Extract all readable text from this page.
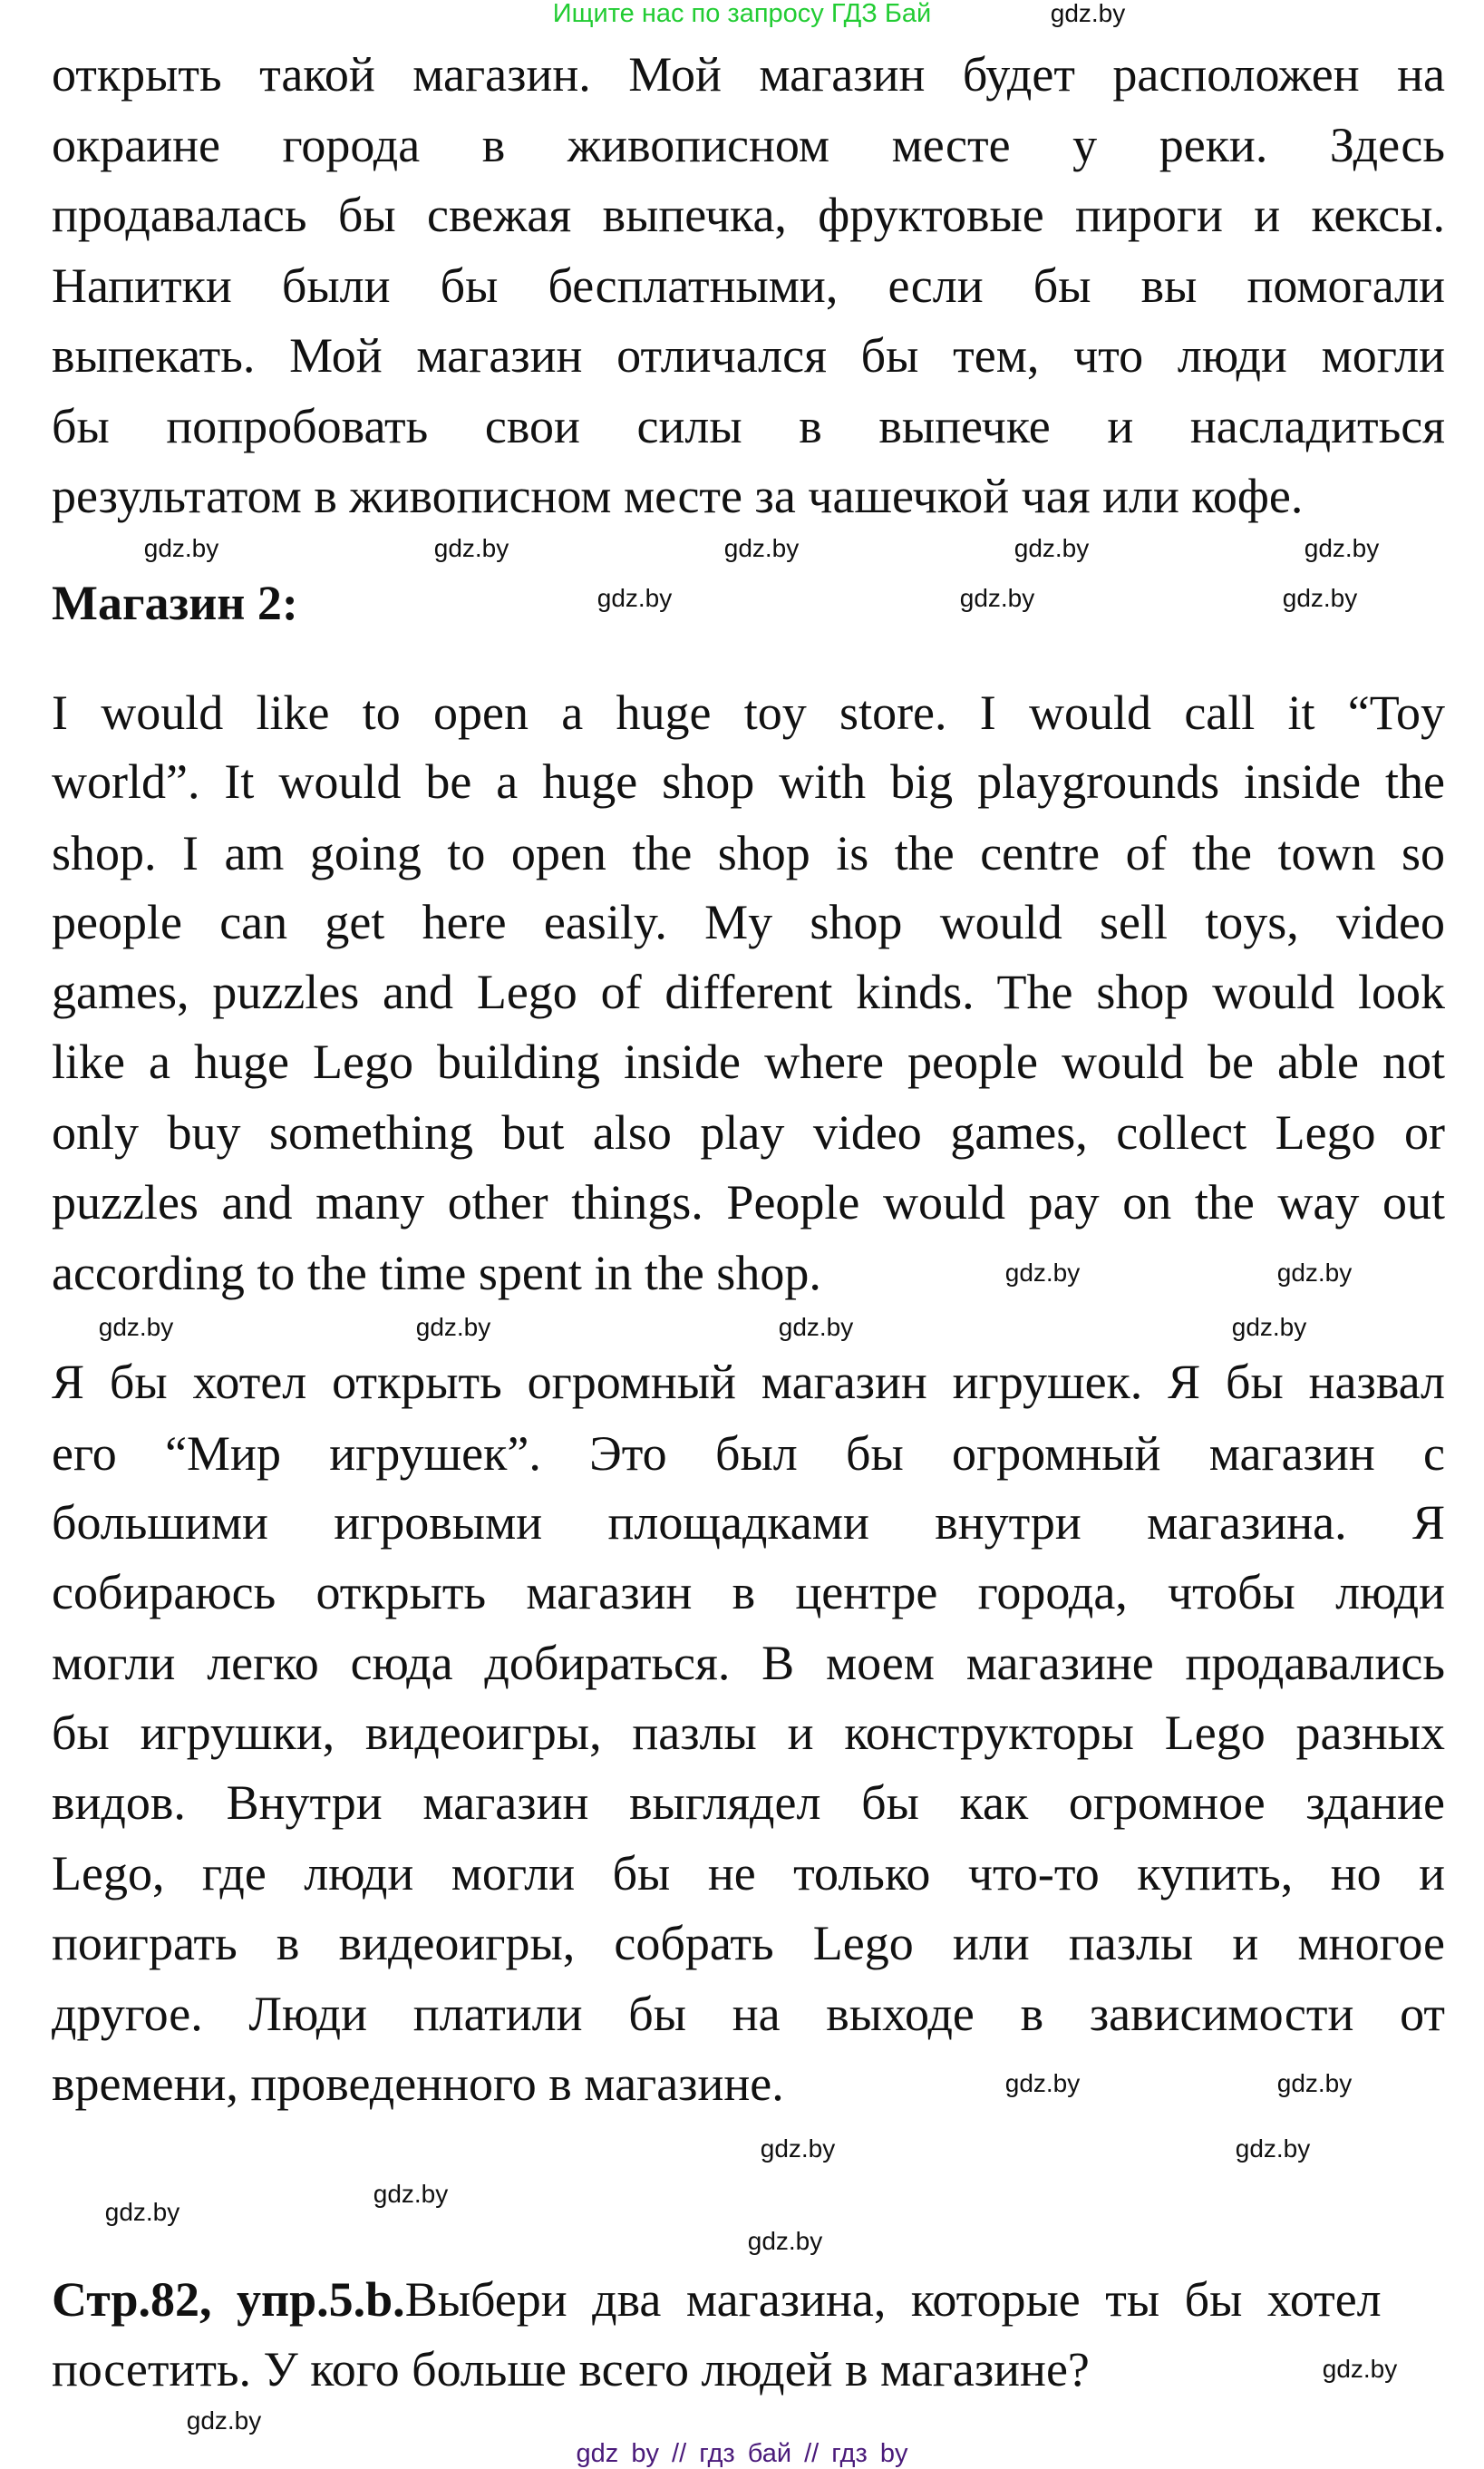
Ищите нас по запросу ГДЗ Бай
открыть такой магазин. Мой магазин будет расположен на
окраине города в живописном месте у реки. Здесь
продавалась бы свежая выпечка, фруктовые пироги и кексы.
Напитки были бы бесплатными, если бы вы помогали
выпекать. Мой магазин отличался бы тем, что люди могли
бы попробовать свои силы в выпечке и насладиться
результатом в живописном месте за чашечкой чая или кофе.
Магазин 2:
I would like to open a huge toy store. I would call it “Toy
world”. It would be a huge shop with big playgrounds inside the
shop. I am going to open the shop is the centre of the town so
people can get here easily. My shop would sell toys, video
games, puzzles and Lego of different kinds. The shop would look
like a huge Lego building inside where people would be able not
only buy something but also play video games, collect Lego or
puzzles and many other things. People would pay on the way out
according to the time spent in the shop.
Я бы хотел открыть огромный магазин игрушек. Я бы назвал
его “Мир игрушек”. Это был бы огромный магазин с
большими игровыми площадками внутри магазина. Я
собираюсь открыть магазин в центре города, чтобы люди
могли легко сюда добираться. В моем магазине продавались
бы игрушки, видеоигры, пазлы и конструкторы Lego разных
видов. Внутри магазин выглядел бы как огромное здание
Lego, где люди могли бы не только что-то купить, но и
поиграть в видеоигры, собрать Lego или пазлы и многое
другое. Люди платили бы на выходе в зависимости от
времени, проведенного в магазине.
Стр.82, упр.5.b.Выбери два магазина, которые ты бы хотел
посетить. У кого больше всего людей в магазине?
gdz.by
gdz.by	gdz.by	gdz.by	gdz.by	gdz.by
gdz.by	gdz.by	gdz.by
gdz.by	gdz.by
gdz.by	gdz.by	gdz.by	gdz.by
gdz.by	gdz.by
gdz.by	gdz.by
gdz.by
gdz.by
gdz.by
gdz.by
gdz.by
gdz by // гдз бай // гдз by
